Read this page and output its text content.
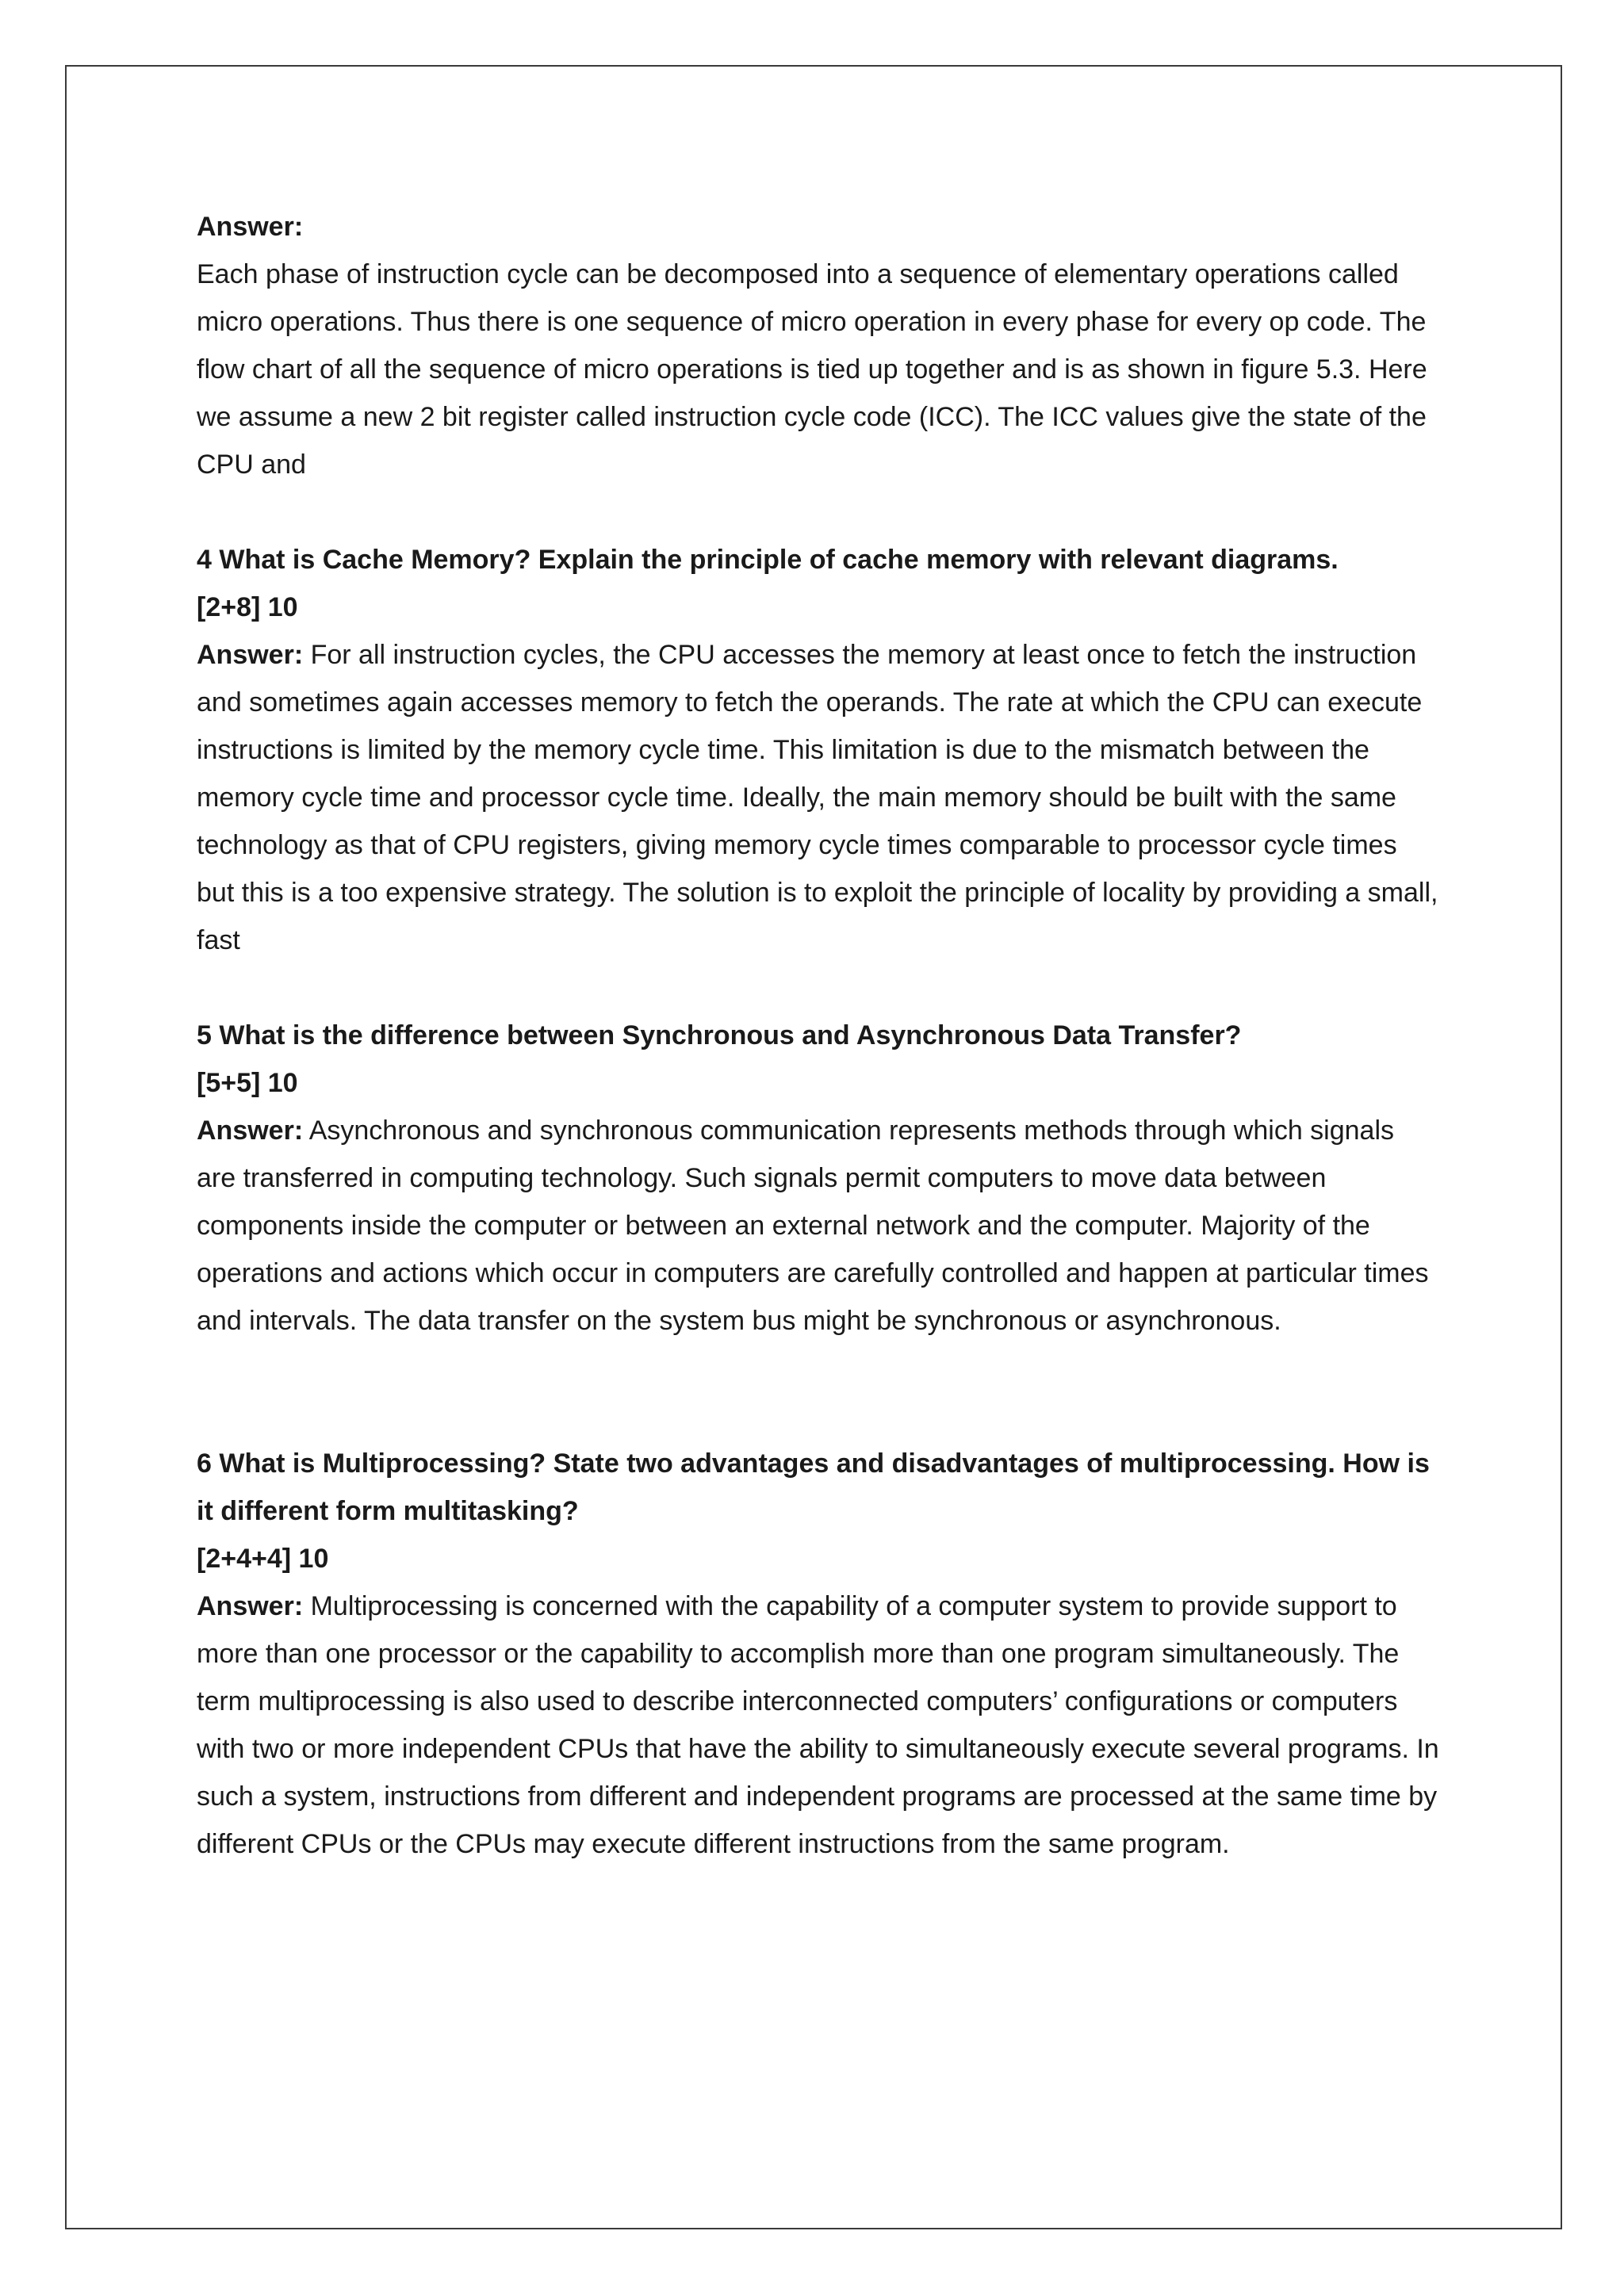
Answer:

Each phase of instruction cycle can be decomposed into a sequence of elementary operations called micro operations. Thus there is one sequence of micro operation in every phase for every op code. The flow chart of all the sequence of micro operations is tied up together and is as shown in figure 5.3. Here we assume a new 2 bit register called instruction cycle code (ICC). The ICC values give the state of the CPU and

4 What is Cache Memory? Explain the principle of cache memory with relevant diagrams.

[2+8] 10

Answer: For all instruction cycles, the CPU accesses the memory at least once to fetch the instruction and sometimes again accesses memory to fetch the operands. The rate at which the CPU can execute instructions is limited by the memory cycle time. This limitation is due to the mismatch between the memory cycle time and processor cycle time. Ideally, the main memory should be built with the same technology as that of CPU registers, giving memory cycle times comparable to processor cycle times but this is a too expensive strategy. The solution is to exploit the principle of locality by providing a small, fast

5 What is the difference between Synchronous and Asynchronous Data Transfer?

[5+5] 10

Answer: Asynchronous and synchronous communication represents methods through which signals are transferred in computing technology. Such signals permit computers to move data between components inside the computer or between an external network and the computer. Majority of the operations and actions which occur in computers are carefully controlled and happen at particular times and intervals. The data transfer on the system bus might be synchronous or asynchronous.

6 What is Multiprocessing? State two advantages and disadvantages of multiprocessing. How is it different form multitasking?

[2+4+4] 10

Answer: Multiprocessing is concerned with the capability of a computer system to provide support to more than one processor or the capability to accomplish more than one program simultaneously. The term multiprocessing is also used to describe interconnected computers’ configurations or computers with two or more independent CPUs that have the ability to simultaneously execute several programs. In such a system, instructions from different and independent programs are processed at the same time by different CPUs or the CPUs may execute different instructions from the same program.
